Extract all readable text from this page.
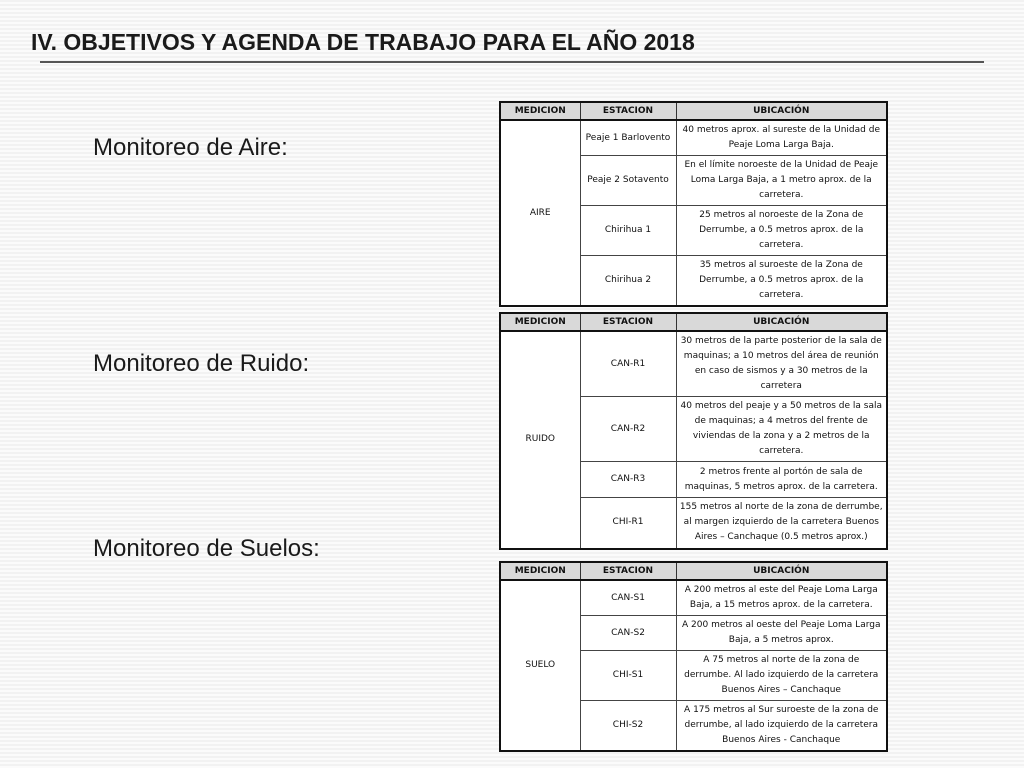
IV. OBJETIVOS Y AGENDA DE TRABAJO PARA EL AÑO 2018
Monitoreo de Aire:
MEDICION	ESTACION	UBICACIÓN
AIRE	Peaje 1 Barlovento	40 metros aprox. al sureste de la Unidad de Peaje Loma Larga Baja.
	Peaje 2 Sotavento	En el límite noroeste de la Unidad de Peaje Loma Larga Baja, a 1 metro aprox. de la carretera.
	Chirihua 1	25 metros al noroeste de la Zona de Derrumbe, a 0.5 metros aprox. de la carretera.
	Chirihua 2	35 metros al suroeste de la Zona de Derrumbe, a 0.5 metros aprox. de la carretera.
Monitoreo de Ruido:
MEDICION	ESTACION	UBICACIÓN
RUIDO	CAN-R1	30 metros de la parte posterior de la sala de maquinas; a 10 metros del área de reunión en caso de sismos y a 30 metros de la carretera
	CAN-R2	40 metros del peaje y a 50 metros de la sala de maquinas; a 4 metros del frente de viviendas de la zona y a 2 metros de la carretera.
	CAN-R3	2 metros frente al portón de sala de maquinas, 5 metros aprox. de la carretera.
	CHI-R1	155 metros al norte de la zona de derrumbe, al margen izquierdo de la carretera Buenos Aires – Canchaque (0.5 metros aprox.)
Monitoreo de Suelos:
MEDICION	ESTACION	UBICACIÓN
SUELO	CAN-S1	A 200 metros al este del Peaje Loma Larga Baja, a 15 metros aprox. de la carretera.
	CAN-S2	A 200 metros al oeste del Peaje Loma Larga Baja, a 5 metros aprox.
	CHI-S1	A 75 metros al norte de la zona de derrumbe. Al lado izquierdo de la carretera Buenos Aires – Canchaque
	CHI-S2	A 175 metros al Sur suroeste de la zona de derrumbe, al lado izquierdo de la carretera Buenos Aires - Canchaque
